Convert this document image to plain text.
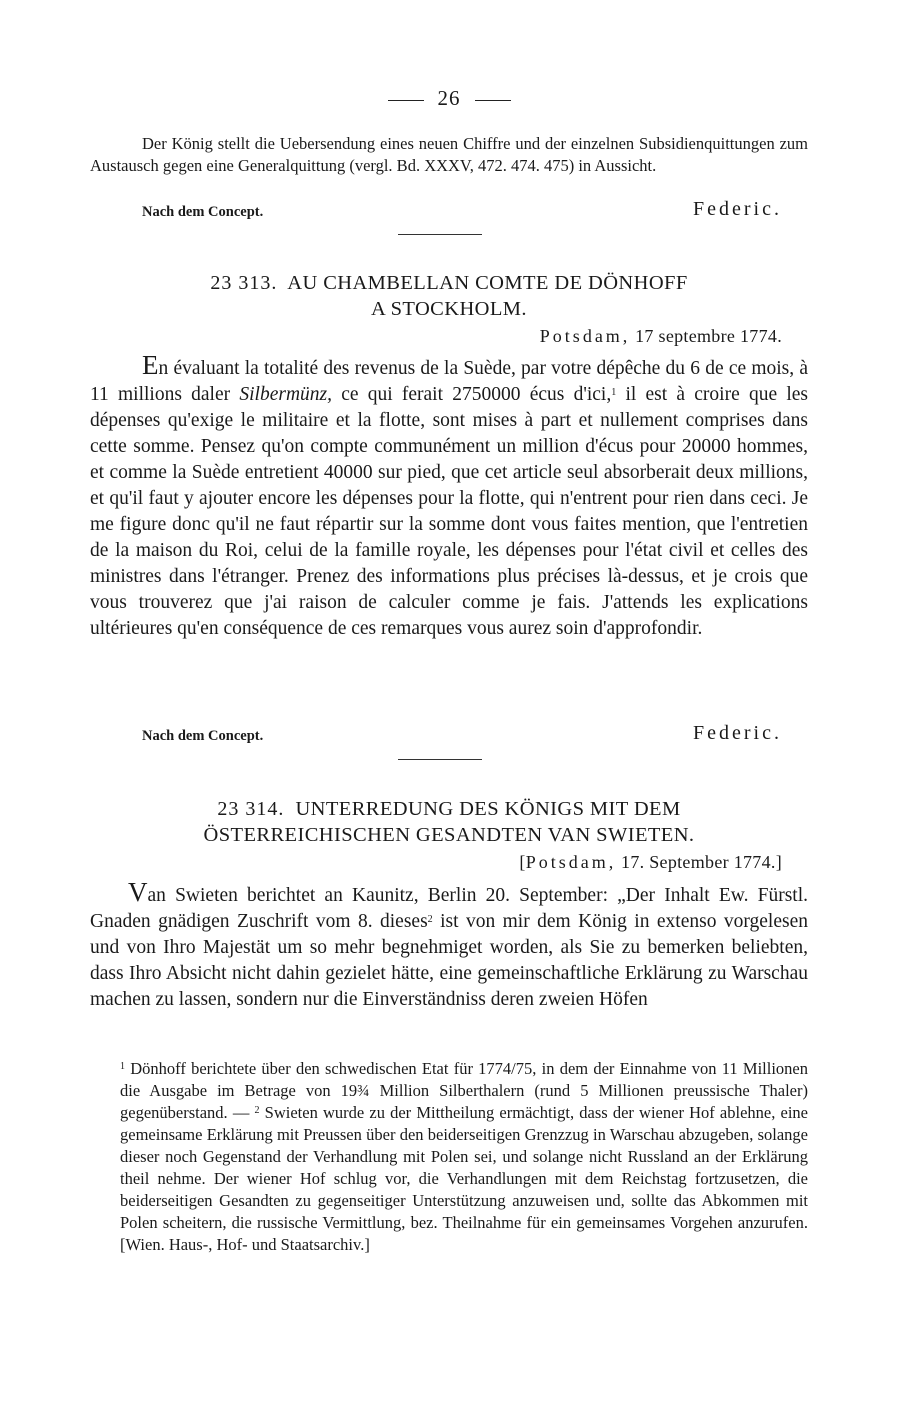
26
Der König stellt die Uebersendung eines neuen Chiffre und der einzelnen Subsidienquittungen zum Austausch gegen eine Generalquittung (vergl. Bd. XXXV, 472. 474. 475) in Aussicht.
Nach dem Concept.	Federic.
23 313. AU CHAMBELLAN COMTE DE DÖNHOFF
A STOCKHOLM.
Potsdam, 17 septembre 1774.
En évaluant la totalité des revenus de la Suède, par votre dépêche du 6 de ce mois, à 11 millions daler Silbermünz, ce qui ferait 2750000 écus d'ici,$^1$ il est à croire que les dépenses qu'exige le militaire et la flotte, sont mises à part et nullement comprises dans cette somme. Pensez qu'on compte communément un million d'écus pour 20000 hommes, et comme la Suède entretient 40000 sur pied, que cet article seul absorberait deux millions, et qu'il faut y ajouter encore les dépenses pour la flotte, qui n'entrent pour rien dans ceci. Je me figure donc qu'il ne faut répartir sur la somme dont vous faites mention, que l'entretien de la maison du Roi, celui de la famille royale, les dépenses pour l'état civil et celles des ministres dans l'étranger. Prenez des informations plus précises là-dessus, et je crois que vous trouverez que j'ai raison de calculer comme je fais. J'attends les explications ultérieures qu'en conséquence de ces remarques vous aurez soin d'approfondir.
Nach dem Concept.	Federic.
23 314. UNTERREDUNG DES KÖNIGS MIT DEM
ÖSTERREICHISCHEN GESANDTEN VAN SWIETEN.
[Potsdam, 17. September 1774.]
Van Swieten berichtet an Kaunitz, Berlin 20. September: „Der Inhalt Ew. Fürstl. Gnaden gnädigen Zuschrift vom 8. dieses$^2$ ist von mir dem König in extenso vorgelesen und von Ihro Majestät um so mehr begnehmiget worden, als Sie zu bemerken beliebten, dass Ihro Absicht nicht dahin gezielet hätte, eine gemeinschaftliche Erklärung zu Warschau machen zu lassen, sondern nur die Einverständniss deren zweien Höfen
$^1$ Dönhoff berichtete über den schwedischen Etat für 1774/75, in dem der Einnahme von 11 Millionen die Ausgabe im Betrage von 19¾ Million Silberthalern (rund 5 Millionen preussische Thaler) gegenüberstand. — $^2$ Swieten wurde zu der Mittheilung ermächtigt, dass der wiener Hof ablehne, eine gemeinsame Erklärung mit Preussen über den beiderseitigen Grenzzug in Warschau abzugeben, solange dieser noch Gegenstand der Verhandlung mit Polen sei, und solange nicht Russland an der Erklärung theil nehme. Der wiener Hof schlug vor, die Verhandlungen mit dem Reichstag fortzusetzen, die beiderseitigen Gesandten zu gegenseitiger Unterstützung anzuweisen und, sollte das Abkommen mit Polen scheitern, die russische Vermittlung, bez. Theilnahme für ein gemeinsames Vorgehen anzurufen. [Wien. Haus-, Hof- und Staatsarchiv.]
